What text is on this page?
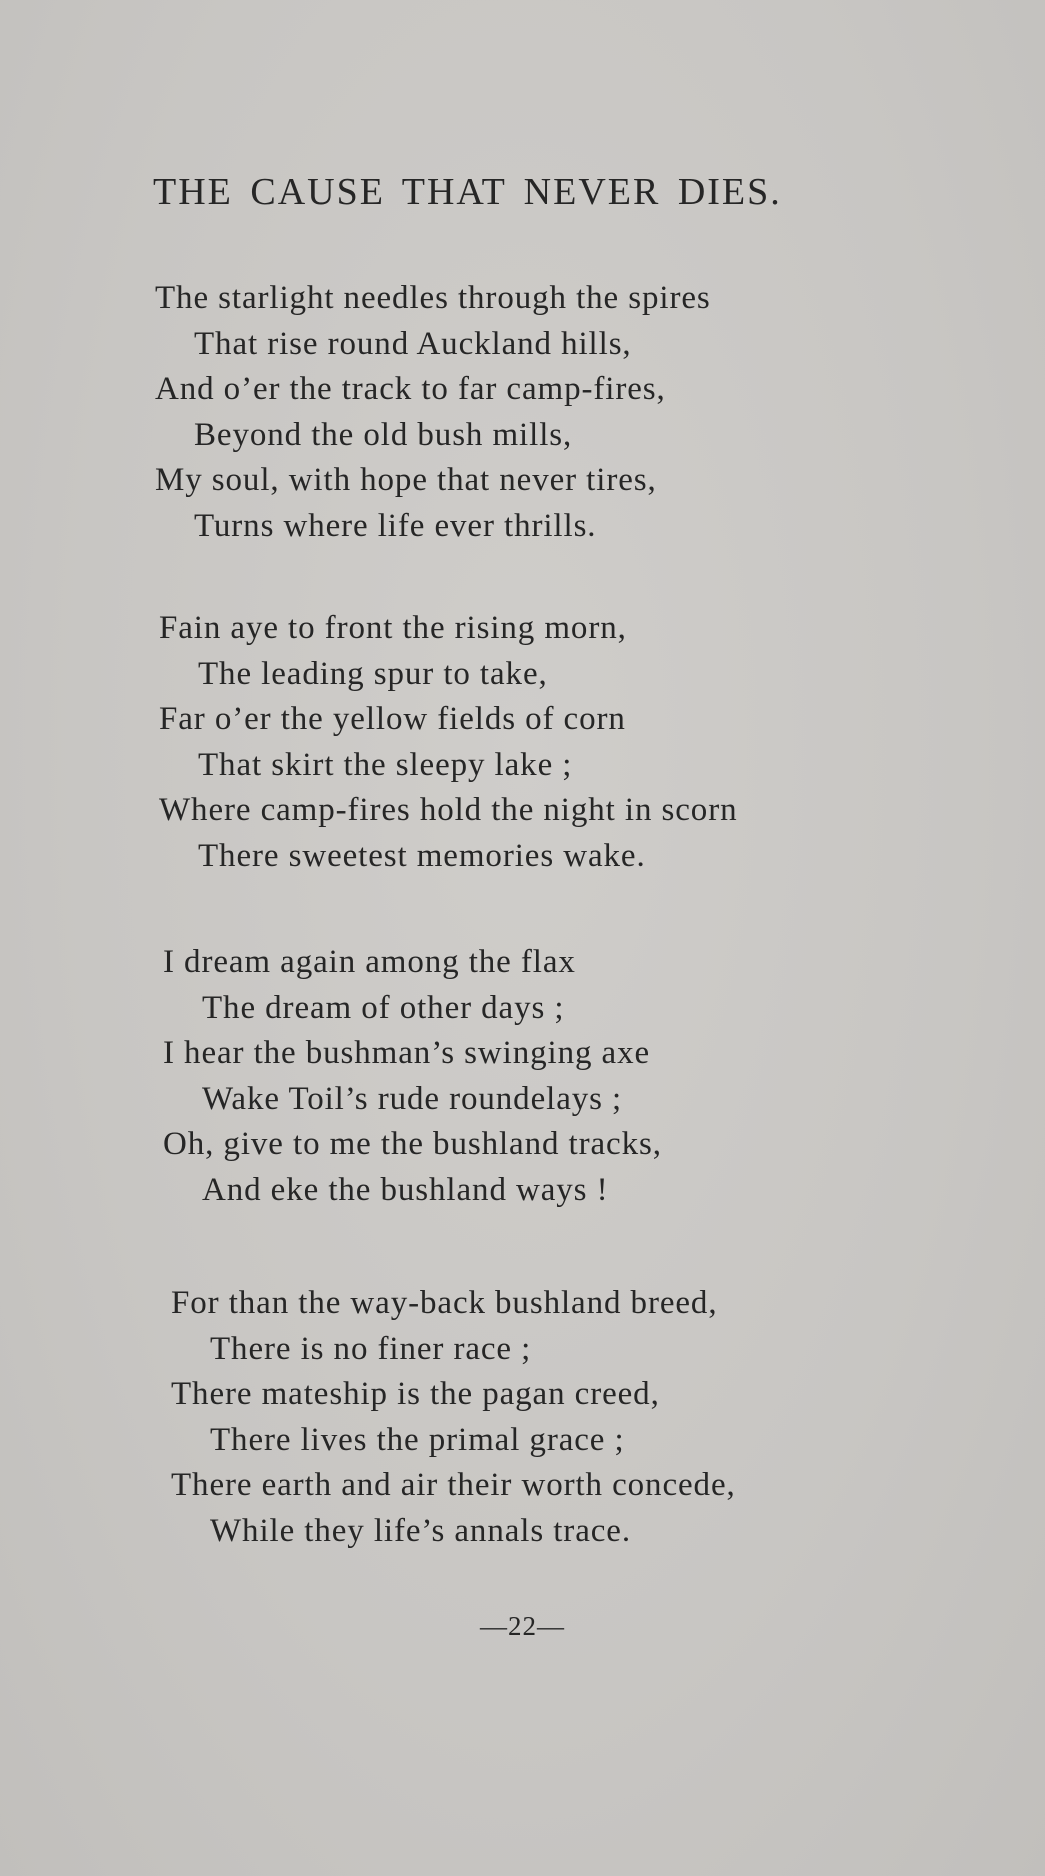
THE CAUSE THAT NEVER DIES.
The starlight needles through the spires
That rise round Auckland hills,
And o’er the track to far camp-fires,
Beyond the old bush mills,
My soul, with hope that never tires,
Turns where life ever thrills.
Fain aye to front the rising morn,
The leading spur to take,
Far o’er the yellow fields of corn
That skirt the sleepy lake ;
Where camp-fires hold the night in scorn
There sweetest memories wake.
I dream again among the flax
The dream of other days ;
I hear the bushman’s swinging axe
Wake Toil’s rude roundelays ;
Oh, give to me the bushland tracks,
And eke the bushland ways !
For than the way-back bushland breed,
There is no finer race ;
There mateship is the pagan creed,
There lives the primal grace ;
There earth and air their worth concede,
While they life’s annals trace.
—22—
